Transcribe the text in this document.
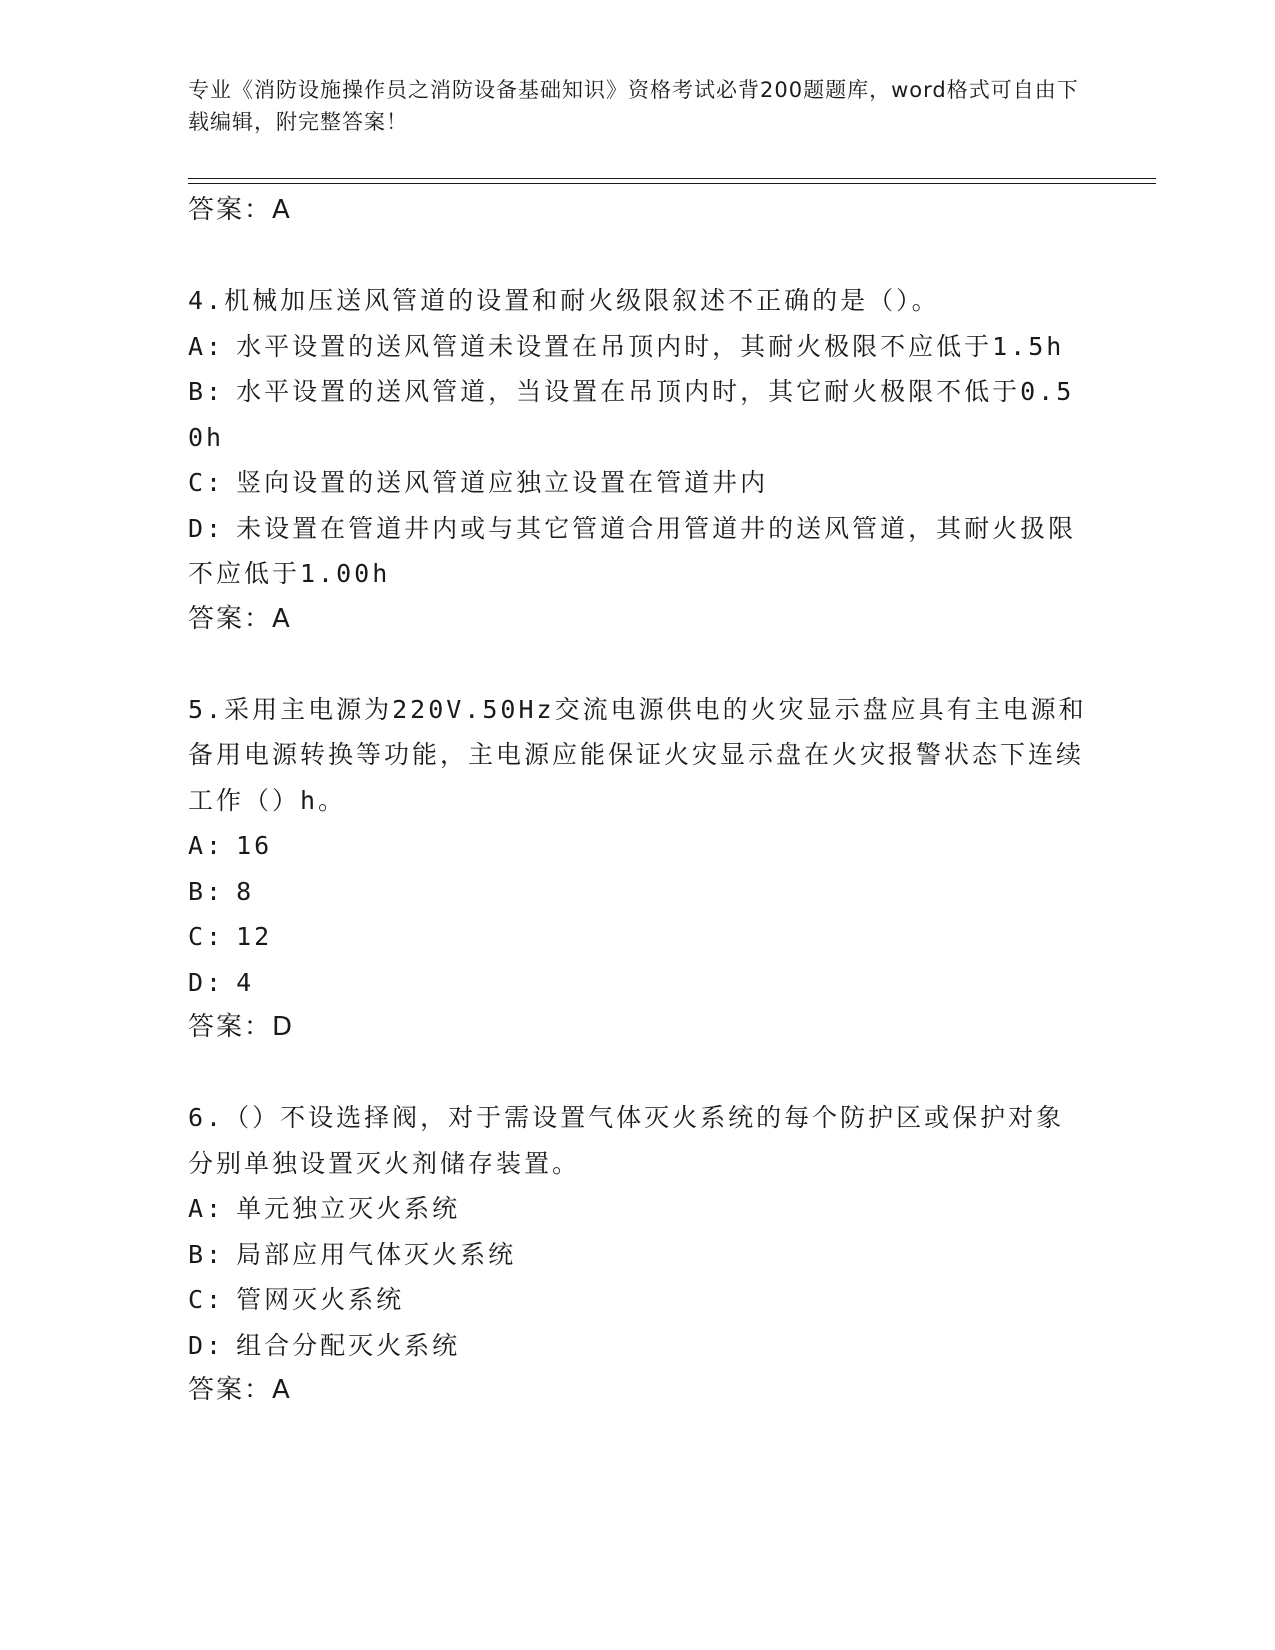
专业《消防设施操作员之消防设备基础知识》资格考试必背200题题库，word格式可自由下载编辑，附完整答案！

答案：A

4.机械加压送风管道的设置和耐火级限叙述不正确的是（）。

A: 水平设置的送风管道未设置在吊顶内时，其耐火极限不应低于1.5h

B: 水平设置的送风管道，当设置在吊顶内时，其它耐火极限不低于0.50h

C: 竖向设置的送风管道应独立设置在管道井内

D: 未设置在管道井内或与其它管道合用管道井的送风管道，其耐火扱限不应低于1.00h

答案：A

5.采用主电源为220V.50Hz交流电源供电的火灾显示盘应具有主电源和备用电源转换等功能，主电源应能保证火灾显示盘在火灾报警状态下连续工作（）h。

A: 16

B: 8

C: 12

D: 4

答案：D

6.（）不设选择阀，对于需设置气体灭火系统的每个防护区或保护对象分别单独设置灭火剂储存装置。

A: 单元独立灭火系统

B: 局部应用气体灭火系统

C: 管网灭火系统

D: 组合分配灭火系统

答案：A
